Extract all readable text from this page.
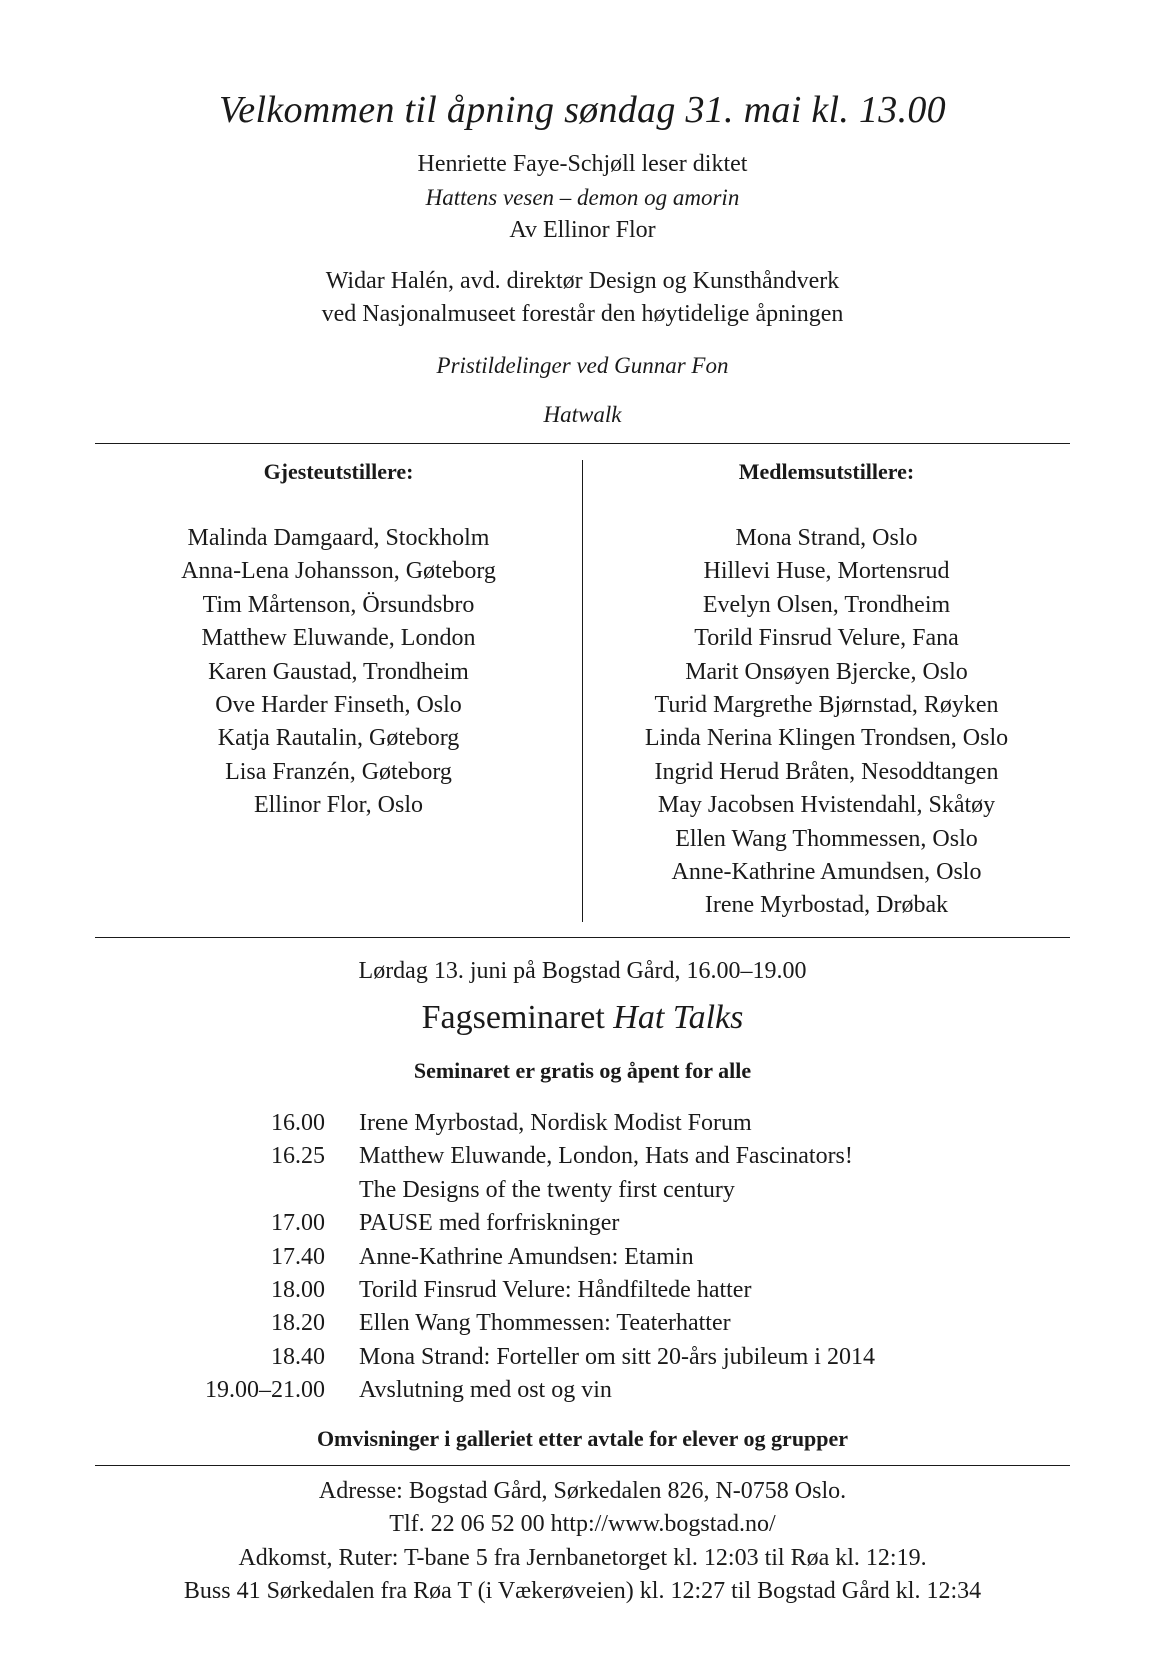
Velkommen til åpning søndag 31. mai kl. 13.00
Henriette Faye-Schjøll leser diktet
Hattens vesen – demon og amorin
Av Ellinor Flor
Widar Halén, avd. direktør Design og Kunsthåndverk
ved Nasjonalmuseet forestår den høytidelige åpningen
Pristildelinger ved Gunnar Fon
Hatwalk
Gjesteutstillere:
Malinda Damgaard, Stockholm
Anna-Lena Johansson, Gøteborg
Tim Mårtenson, Örsundsbro
Matthew Eluwande, London
Karen Gaustad, Trondheim
Ove Harder Finseth, Oslo
Katja Rautalin, Gøteborg
Lisa Franzén, Gøteborg
Ellinor Flor, Oslo
Medlemsutstillere:
Mona Strand, Oslo
Hillevi Huse, Mortensrud
Evelyn Olsen, Trondheim
Torild Finsrud Velure, Fana
Marit Onsøyen Bjercke, Oslo
Turid Margrethe Bjørnstad, Røyken
Linda Nerina Klingen Trondsen, Oslo
Ingrid Herud Bråten, Nesoddtangen
May Jacobsen Hvistendahl, Skåtøy
Ellen Wang Thommessen, Oslo
Anne-Kathrine Amundsen, Oslo
Irene Myrbostad, Drøbak
Lørdag 13. juni på Bogstad Gård, 16.00–19.00
Fagseminaret Hat Talks
Seminaret er gratis og åpent for alle
16.00 Irene Myrbostad, Nordisk Modist Forum
16.25 Matthew Eluwande, London, Hats and Fascinators!
The Designs of the twenty first century
17.00 PAUSE med forfriskninger
17.40 Anne-Kathrine Amundsen: Etamin
18.00 Torild Finsrud Velure: Håndfiltede hatter
18.20 Ellen Wang Thommessen: Teaterhatter
18.40 Mona Strand: Forteller om sitt 20-års jubileum i 2014
19.00–21.00 Avslutning med ost og vin
Omvisninger i galleriet etter avtale for elever og grupper
Adresse: Bogstad Gård, Sørkedalen 826, N-0758 Oslo.
Tlf. 22 06 52 00 http://www.bogstad.no/
Adkomst, Ruter: T-bane 5 fra Jernbanetorget kl. 12:03 til Røa kl. 12:19.
Buss 41 Sørkedalen fra Røa T (i Vækerøveien) kl. 12:27 til Bogstad Gård kl. 12:34
